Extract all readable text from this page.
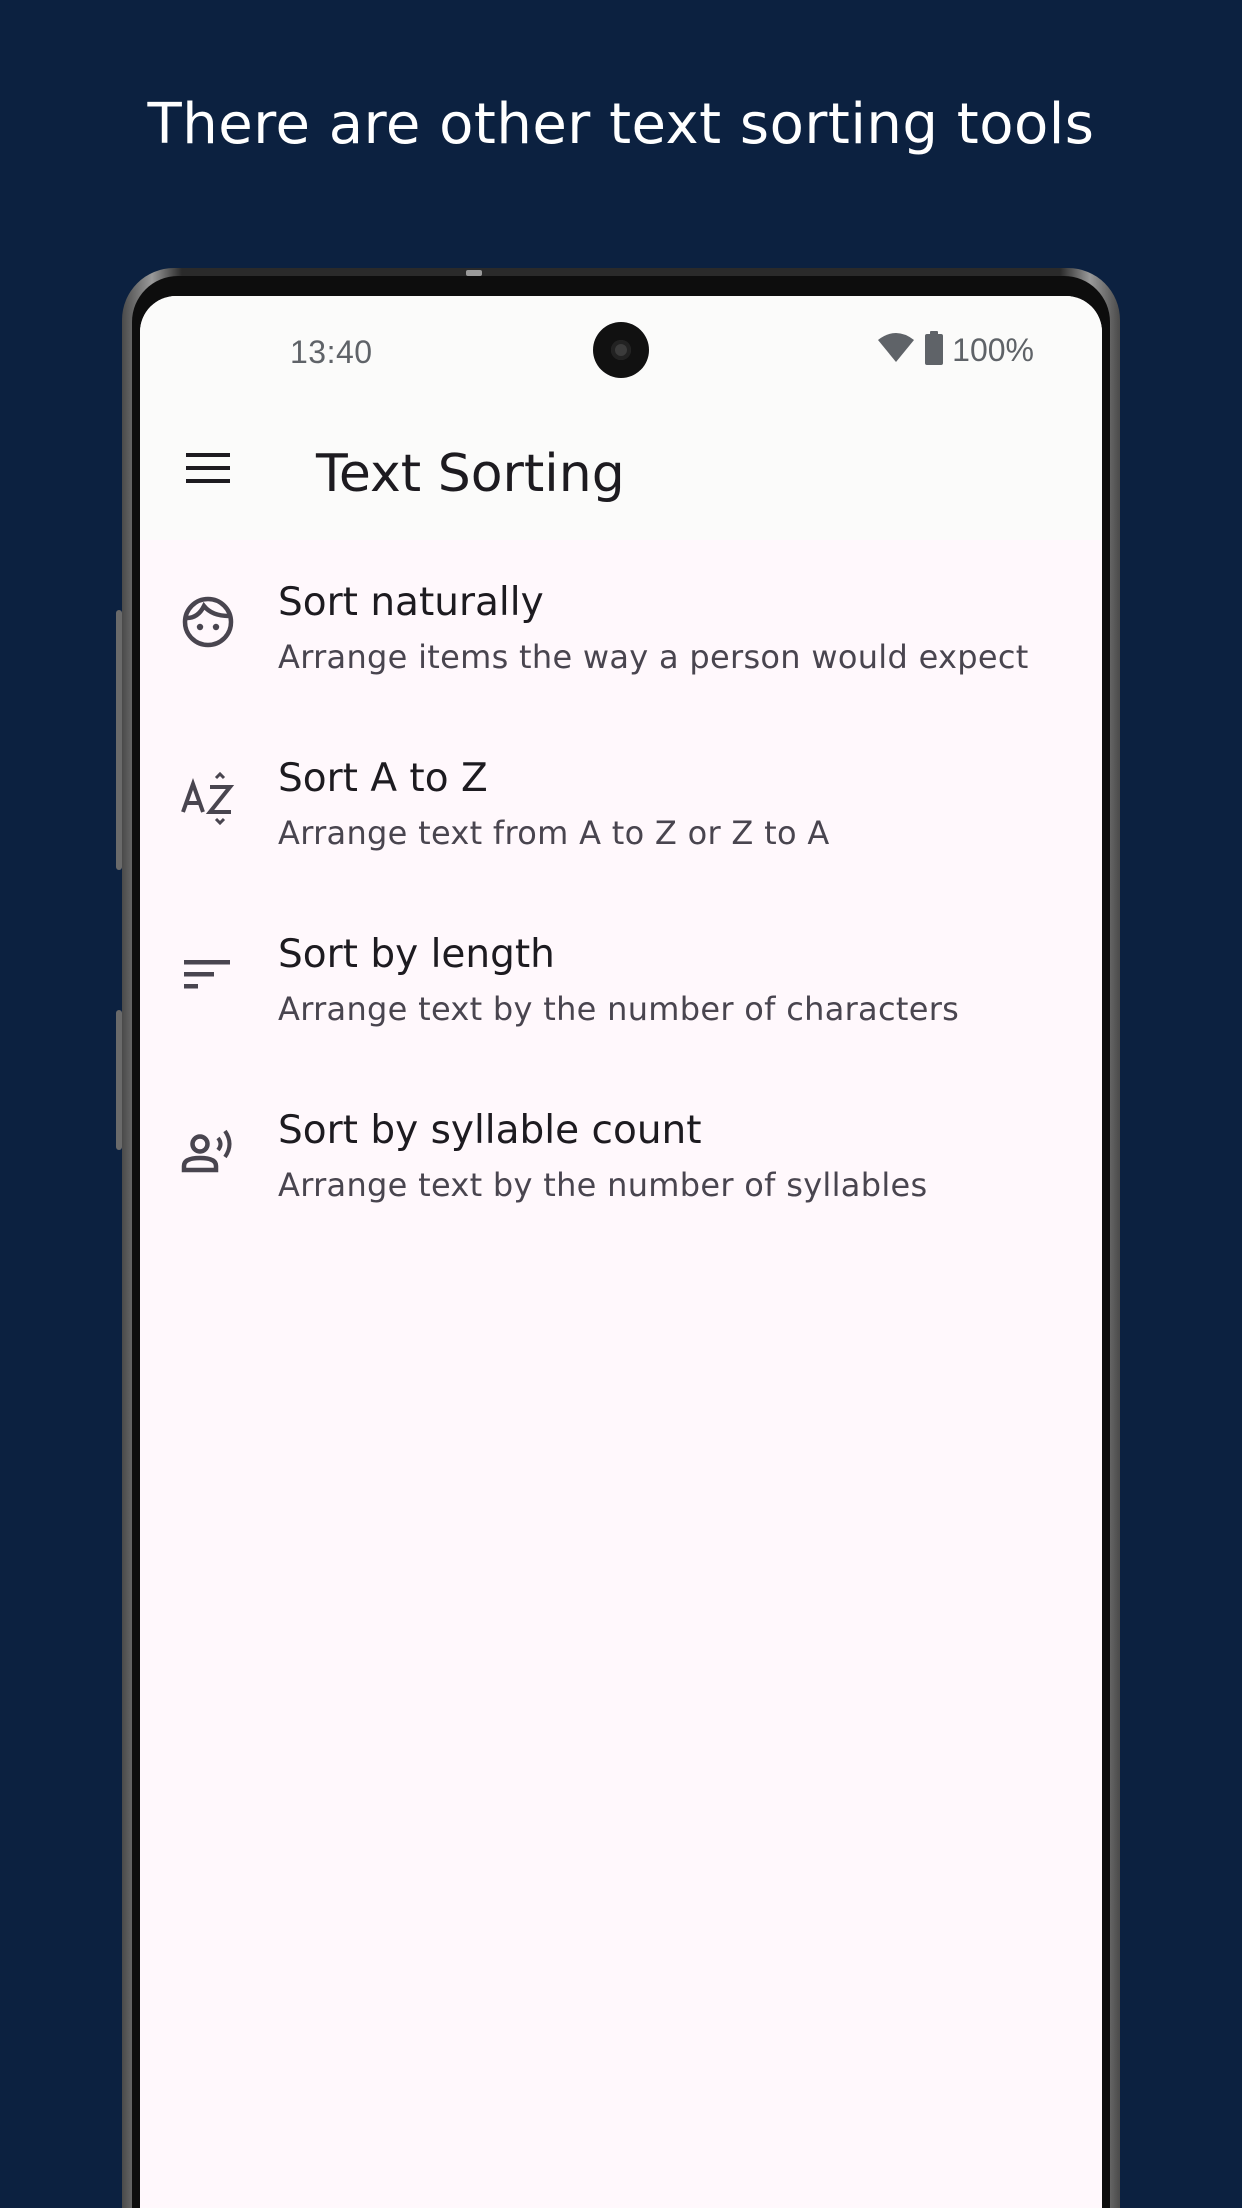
There are other text sorting tools
13:40	100%
Text Sorting
Sort naturally
Arrange items the way a person would expect
Sort A to Z
Arrange text from A to Z or Z to A
Sort by length
Arrange text by the number of characters
Sort by syllable count
Arrange text by the number of syllables
